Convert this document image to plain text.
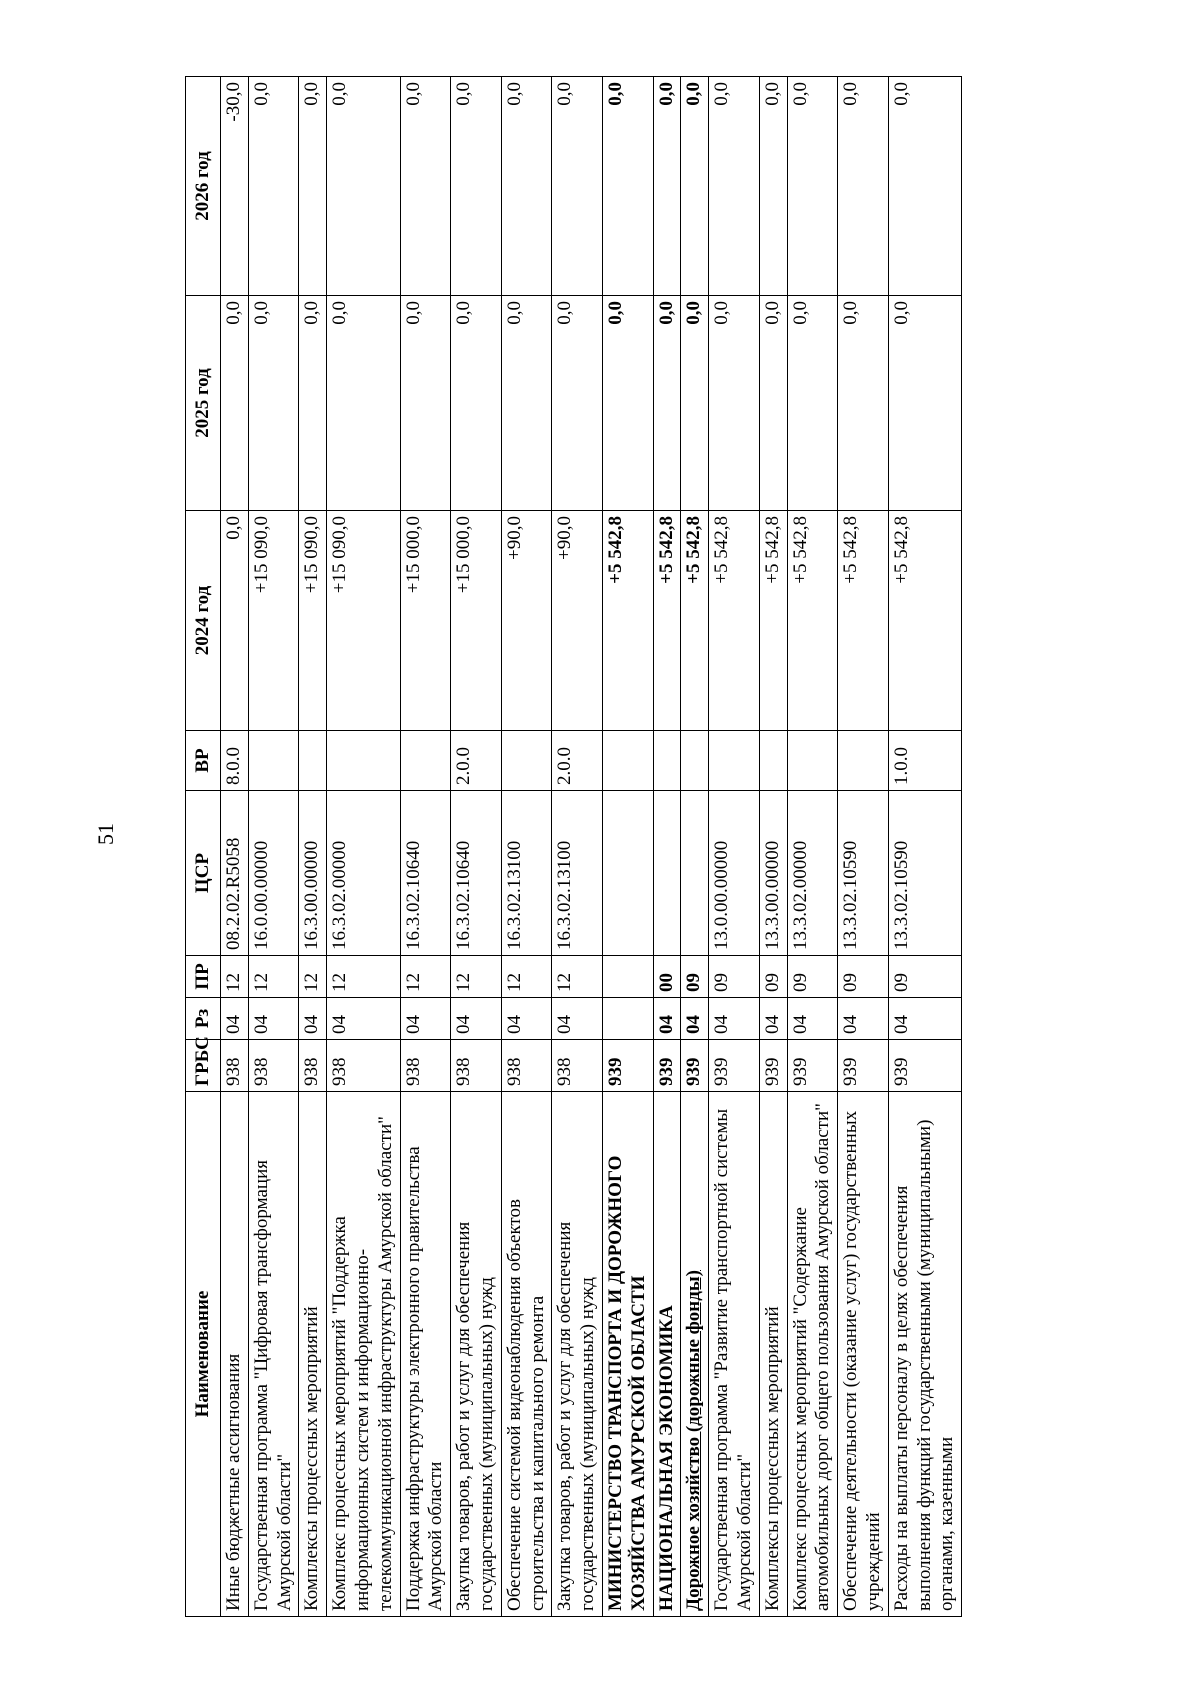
51
Наименование	ГРБС	Рз	ПР	ЦСР	ВР	2024 год	2025 год	2026 год
Иные бюджетные ассигнования	938	04	12	08.2.02.R5058	8.0.0	0,0	0,0	-30,0
Государственная программа "Цифровая трансформация Амурской области"	938	04	12	16.0.00.00000		+15 090,0	0,0	0,0
Комплексы процессных мероприятий	938	04	12	16.3.00.00000		+15 090,0	0,0	0,0
Комплекс процессных мероприятий "Поддержка информационных систем и информационно-телекоммуникационной инфраструктуры Амурской области"	938	04	12	16.3.02.00000		+15 090,0	0,0	0,0
Поддержка инфраструктуры электронного правительства Амурской области	938	04	12	16.3.02.10640		+15 000,0	0,0	0,0
Закупка товаров, работ и услуг для обеспечения государственных (муниципальных) нужд	938	04	12	16.3.02.10640	2.0.0	+15 000,0	0,0	0,0
Обеспечение системой видеонаблюдения объектов строительства и капитального ремонта	938	04	12	16.3.02.13100		+90,0	0,0	0,0
Закупка товаров, работ и услуг для обеспечения государственных (муниципальных) нужд	938	04	12	16.3.02.13100	2.0.0	+90,0	0,0	0,0
МИНИСТЕРСТВО ТРАНСПОРТА И ДОРОЖНОГО ХОЗЯЙСТВА АМУРСКОЙ ОБЛАСТИ	939					+5 542,8	0,0	0,0
НАЦИОНАЛЬНАЯ ЭКОНОМИКА	939	04	00			+5 542,8	0,0	0,0
Дорожное хозяйство (дорожные фонды)	939	04	09			+5 542,8	0,0	0,0
Государственная программа "Развитие транспортной системы Амурской области"	939	04	09	13.0.00.00000		+5 542,8	0,0	0,0
Комплексы процессных мероприятий	939	04	09	13.3.00.00000		+5 542,8	0,0	0,0
Комплекс процессных мероприятий "Содержание автомобильных дорог общего пользования Амурской области"	939	04	09	13.3.02.00000		+5 542,8	0,0	0,0
Обеспечение деятельности (оказание услуг) государственных учреждений	939	04	09	13.3.02.10590		+5 542,8	0,0	0,0
Расходы на выплаты персоналу в целях обеспечения выполнения функций государственными (муниципальными) органами, казенными	939	04	09	13.3.02.10590	1.0.0	+5 542,8	0,0	0,0
